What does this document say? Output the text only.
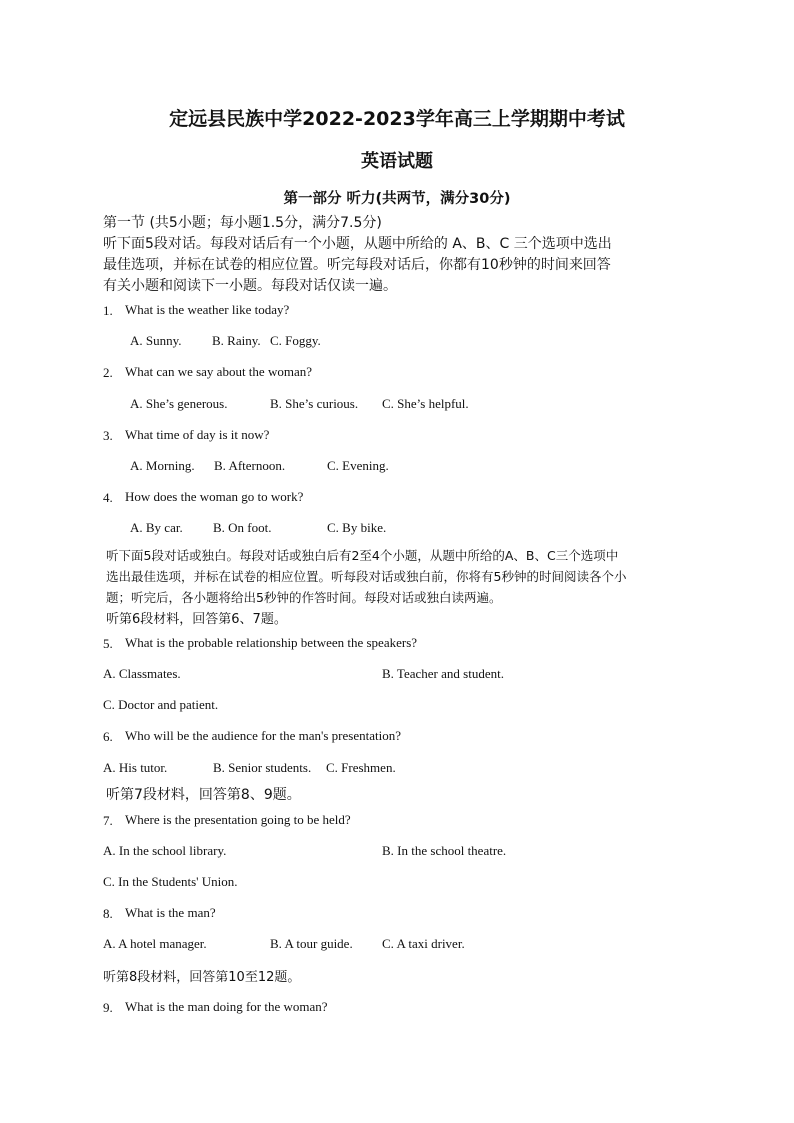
定远县民族中学2022-2023学年高三上学期期中考试
英语试题
第一部分 听力(共两节，满分30分)
第一节 (共5小题；每小题1.5分，满分7.5分)
听下面5段对话。每段对话后有一个小题，从题中所给的 A、B、C 三个选项中选出
最佳选项，并标在试卷的相应位置。听完每段对话后，你都有10秒钟的时间来回答
有关小题和阅读下一小题。每段对话仅读一遍。
1. What is the weather like today?
A. Sunny. B. Rainy. C. Foggy.
2. What can we say about the woman?
A. She’s generous.	B. She’s curious. C. She’s helpful.
3. What time of day is it now?
A. Morning. B. Afternoon.	C. Evening.
4. How does the woman go to work?
A. By car. B. On foot.	C. By bike.
听下面5段对话或独白。每段对话或独白后有2至4个小题，从题中所给的A、B、C三个选项中
选出最佳选项，并标在试卷的相应位置。听每段对话或独白前，你将有5秒钟的时间阅读各个小
题；听完后，各小题将给出5秒钟的作答时间。每段对话或独白读两遍。
听第6段材料，回答第6、7题。
5. What is the probable relationship between the speakers?
A. Classmates.	B. Teacher and student.
C. Doctor and patient.
6. Who will be the audience for the man's presentation?
A. His tutor.	B. Senior students. C. Freshmen.
听第7段材料，回答第8、9题。
7. Where is the presentation going to be held?
A. In the school library.	B. In the school theatre.
C. In the Students' Union.
8. What is the man?
A. A hotel manager.	B. A tour guide. C. A taxi driver.
听第8段材料，回答第10至12题。
9. What is the man doing for the woman?
